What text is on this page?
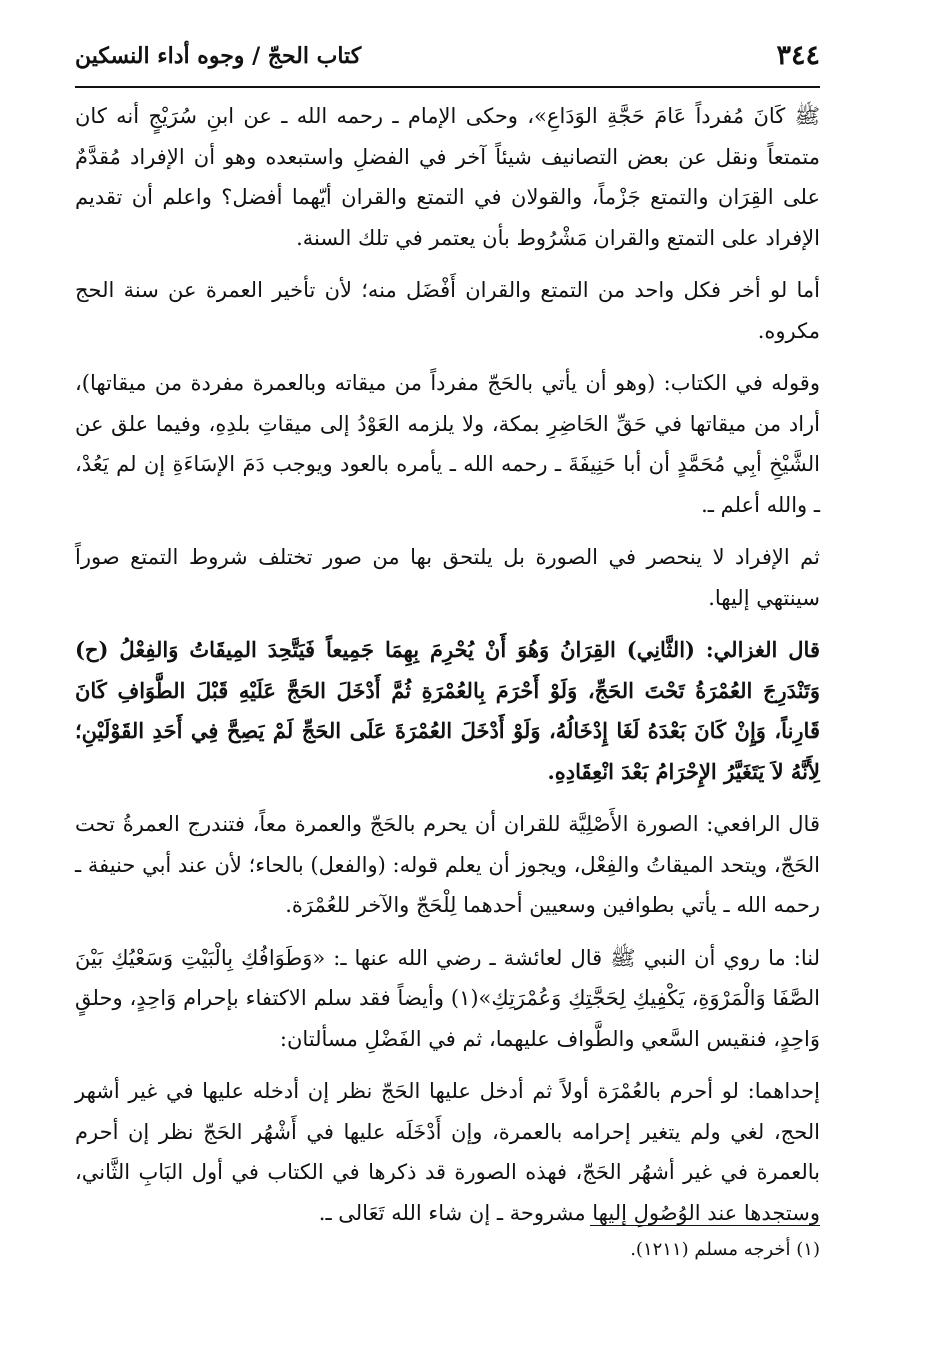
٣٤٤
كتاب الحجّ / وجوه أداء النسكين

ﷺ كَانَ مُفرداً عَامَ حَجَّةِ الوَدَاعِ»، وحكى الإمام ـ رحمه الله ـ عن ابنِ سُرَيْجٍ أنه كان متمتعاً ونقل عن بعض التصانيف شيئاً آخر في الفضلِ واستبعده وهو أن الإفراد مُقدَّمٌ على القِرَان والتمتع جَزْماً، والقولان في التمتع والقران أيّهما أفضل؟ واعلم أن تقديم الإفراد على التمتع والقران مَشْرُوط بأن يعتمر في تلك السنة.

أما لو أخر فكل واحد من التمتع والقران أَفْضَل منه؛ لأن تأخير العمرة عن سنة الحج مكروه.

وقوله في الكتاب: (وهو أن يأتي بالحَجّ مفرداً من ميقاته وبالعمرة مفردة من ميقاتها)، أراد من ميقاتها في حَقِّ الحَاضِرِ بمكة، ولا يلزمه العَوْدُ إلى ميقاتِ بلدِهِ، وفيما علق عن الشَّيْخِ أبِي مُحَمَّدٍ أن أبا حَنِيفَةَ ـ رحمه الله ـ يأمره بالعود ويوجب دَمَ الإسَاءَةِ إن لم يَعُدْ، ـ والله أعلم ـ.

ثم الإفراد لا ينحصر في الصورة بل يلتحق بها من صور تختلف شروط التمتع صوراً سينتهي إليها.

قال الغزالي: (الثَّانِي) القِرَانُ وَهُوَ أَنْ يُحْرِمَ بِهِمَا جَمِيعاً فَيَتَّحِدَ المِيقَاتُ وَالفِعْلُ (ح) وَتَنْدَرِجَ العُمْرَةُ تَحْتَ الحَجِّ، وَلَوْ أَحْرَمَ بِالعُمْرَةِ ثُمَّ أَدْخَلَ الحَجَّ عَلَيْهِ قَبْلَ الطَّوَافِ كَانَ قَارِناً، وَإِنْ كَانَ بَعْدَهُ لَغَا إِدْخَالُهُ، وَلَوْ أَدْخَلَ العُمْرَةَ عَلَى الحَجِّ لَمْ يَصِحَّ فِي أَحَدِ القَوْلَيْنِ؛ لِأَنَّهُ لاَ يَتَغَيَّرُ الإِحْرَامُ بَعْدَ انْعِقَادِهِ.

قال الرافعي: الصورة الأَصْلِيَّة للقران أن يحرم بالحَجّ والعمرة معاً، فتندرج العمرةُ تحت الحَجّ، ويتحد الميقاتُ والفِعْل، ويجوز أن يعلم قوله: (والفعل) بالحاء؛ لأن عند أبي حنيفة ـ رحمه الله ـ يأتي بطوافين وسعيين أحدهما لِلْحَجّ والآخر للعُمْرَة.

لنا: ما روي أن النبي ﷺ قال لعائشة ـ رضي الله عنها ـ: «وَطَوَافُكِ بِالْبَيْتِ وَسَعْيُكِ بَيْنَ الصَّفَا وَالْمَرْوَةِ، يَكْفِيكِ لِحَجَّتِكِ وَعُمْرَتِكِ»(١) وأيضاً فقد سلم الاكتفاء بإحرام وَاحِدٍ، وحلقٍ وَاحِدٍ، فنقيس السَّعي والطَّواف عليهما، ثم في الفَضْلِ مسألتان:

إحداهما: لو أحرم بالعُمْرَة أولاً ثم أدخل عليها الحَجّ نظر إن أدخله عليها في غير أشهر الحج، لغي ولم يتغير إحرامه بالعمرة، وإن أَدْخَلَه عليها في أَشْهُر الحَجّ نظر إن أحرم بالعمرة في غير أشهُر الحَجّ، فهذه الصورة قد ذكرها في الكتاب في أول البَابِ الثَّاني، وستجدها عند الوُصُولِ إليها مشروحة ـ إن شاء الله تَعَالى ـ.

(١) أخرجه مسلم (١٢١١).
